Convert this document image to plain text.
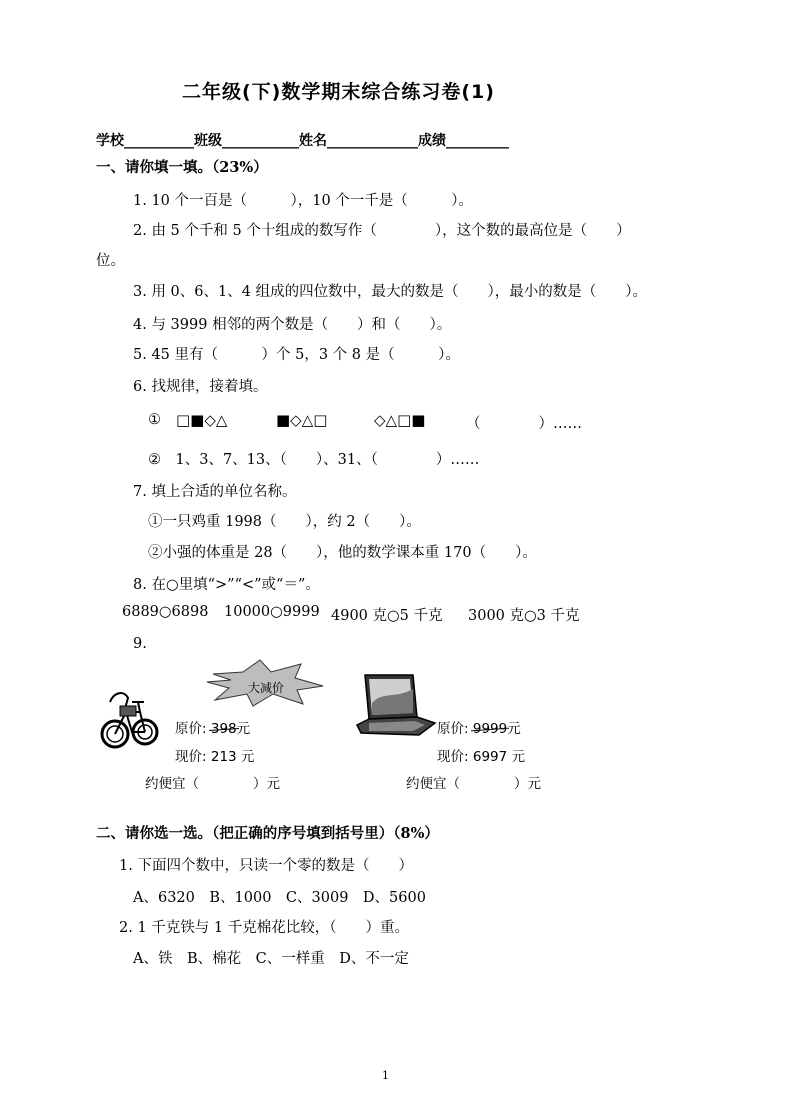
二年级(下)数学期末综合练习卷(1)
学校__________班级___________姓名_____________成绩_________
一、请你填一填。（23%）
1. 10 个一百是（　　　），10 个一千是（　　　）。
2. 由 5 个千和 5 个十组成的数写作（　　　　），这个数的最高位是（　　）
位。
3. 用 0、6、1、4 组成的四位数中，最大的数是（　　），最小的数是（　　）。
4. 与 3999 相邻的两个数是（　　）和（　　）。
5. 45 里有（　　　）个 5，3 个 8 是（　　　）。
6. 找规律，接着填。
① □■◇△	■◇△□	◇△□■	（　　　　）……
②　1、3、7、13、（　　）、31、（　　　　）……
7. 填上合适的单位名称。
①一只鸡重 1998（　　），约 2（　　）。
②小强的体重是 28（　　），他的数学课本重 170（　　）。
8. 在○里填“>”“<”或“＝”。
6889○6898 10000○9999 4900 克○5 千克 3000 克○3 千克
9.
大减价
原价: 398元
现价: 213 元
约便宜（　　　　）元
原价: 9999元
现价: 6997 元
约便宜（　　　　）元
二、请你选一选。（把正确的序号填到括号里）（8%）
1. 下面四个数中，只读一个零的数是（　　）
A、6320　B、1000　C、3009　D、5600
2. 1 千克铁与 1 千克棉花比较，（　　）重。
A、铁　B、棉花　C、一样重　D、不一定
1
